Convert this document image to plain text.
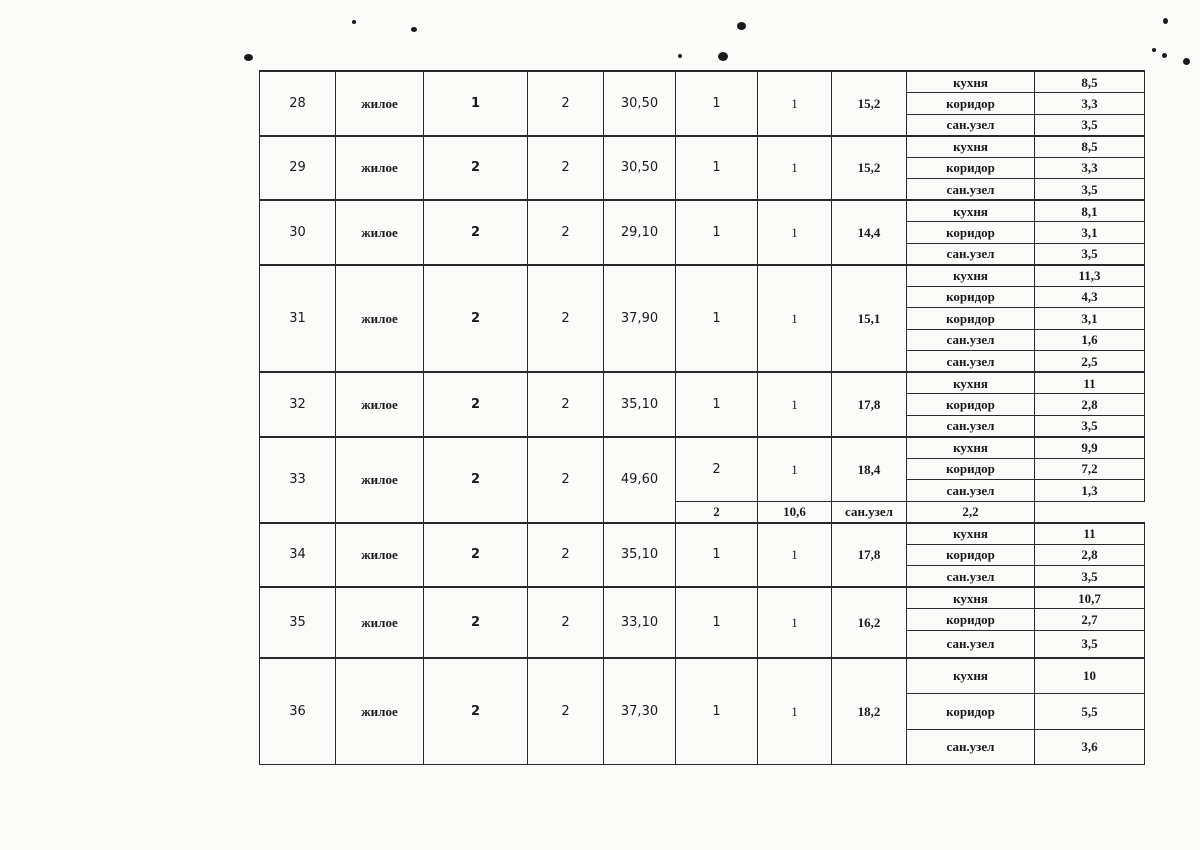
28	жилое	1	2	30,50	1	1	15,2	кухня	8,5
								коридор	3,3
								сан.узел	3,5
29	жилое	2	2	30,50	1	1	15,2	кухня	8,5
								коридор	3,3
								сан.узел	3,5
30	жилое	2	2	29,10	1	1	14,4	кухня	8,1
								коридор	3,1
								сан.узел	3,5
31	жилое	2	2	37,90	1	1	15,1	кухня	11,3
								коридор	4,3
								коридор	3,1
								сан.узел	1,6
								сан.узел	2,5
32	жилое	2	2	35,10	1	1	17,8	кухня	11
								коридор	2,8
								сан.узел	3,5
33	жилое	2	2	49,60	2	1	18,4	кухня	9,9
								коридор	7,2
								сан.узел	1,3
					2	10,6	сан.узел	2,2	
34	жилое	2	2	35,10	1	1	17,8	кухня	11
								коридор	2,8
								сан.узел	3,5
35	жилое	2	2	33,10	1	1	16,2	кухня	10,7
								коридор	2,7
								сан.узел	3,5
36	жилое	2	2	37,30	1	1	18,2	кухня	10
								коридор	5,5
								сан.узел	3,6
